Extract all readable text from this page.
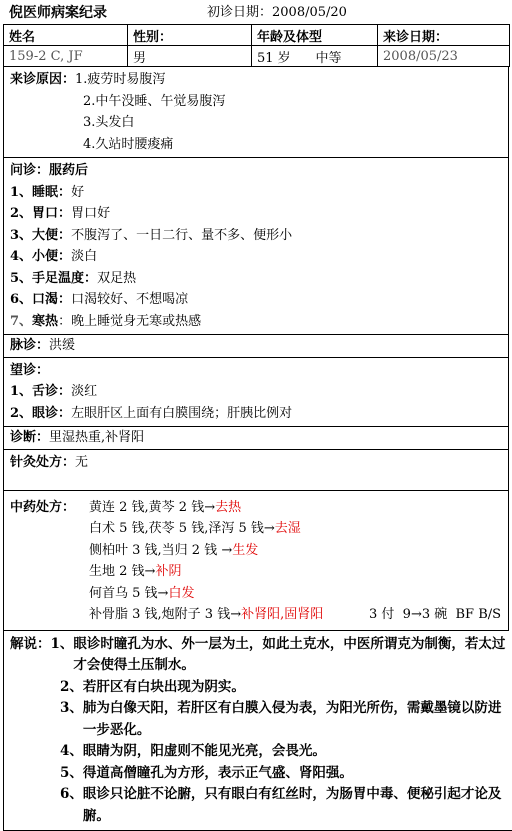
倪医师病案纪录	初诊日期：2008/05/20
姓名	性别：	年龄及体型	来诊日期：
159-2 C, JF	男	51 岁      中等	2008/05/23
来诊原因：1.疲劳时易腹泻
2.中午没睡、午觉易腹泻
3.头发白
4.久站时腰痠痛
问诊：服药后
1、睡眠：好
2、胃口：胃口好
3、大便：不腹泻了、一日二行、量不多、便形小
4、小便：淡白
5、手足温度：双足热
6、口渴：口渴较好、不想喝凉
7、寒热：晚上睡觉身无寒或热感
脉诊：洪缓
望诊：
1、舌诊：淡红
2、眼诊：左眼肝区上面有白膜围绕；肝胰比例对
诊断：里湿热重,补肾阳
针灸处方：无
中药处方： 黄连 2 钱,黄芩 2 钱→去热
白术 5 钱,茯苓 5 钱,泽泻 5 钱→去湿
侧柏叶 3 钱,当归 2 钱 →生发
生地 2 钱→补阴
何首乌 5 钱→白发
补骨脂 3 钱,炮附子 3 钱→补肾阳,固肾阳	3 付  9→3 碗  BF B/S
解说： 1、 眼诊时瞳孔为水、外一层为土，如此土克水，中医所谓克为制衡，若太过才会使得土压制水。
2、 若肝区有白块出现为阴实。
3、 肺为白像天阳，若肝区有白膜入侵为表，为阳光所伤，需戴墨镜以防进一步恶化。
4、 眼睛为阴，阳虚则不能见光亮，会畏光。
5、 得道高僧瞳孔为方形，表示正气盛、肾阳强。
6、 眼诊只论脏不论腑，只有眼白有红丝时，为肠胃中毒、便秘引起才论及腑。
